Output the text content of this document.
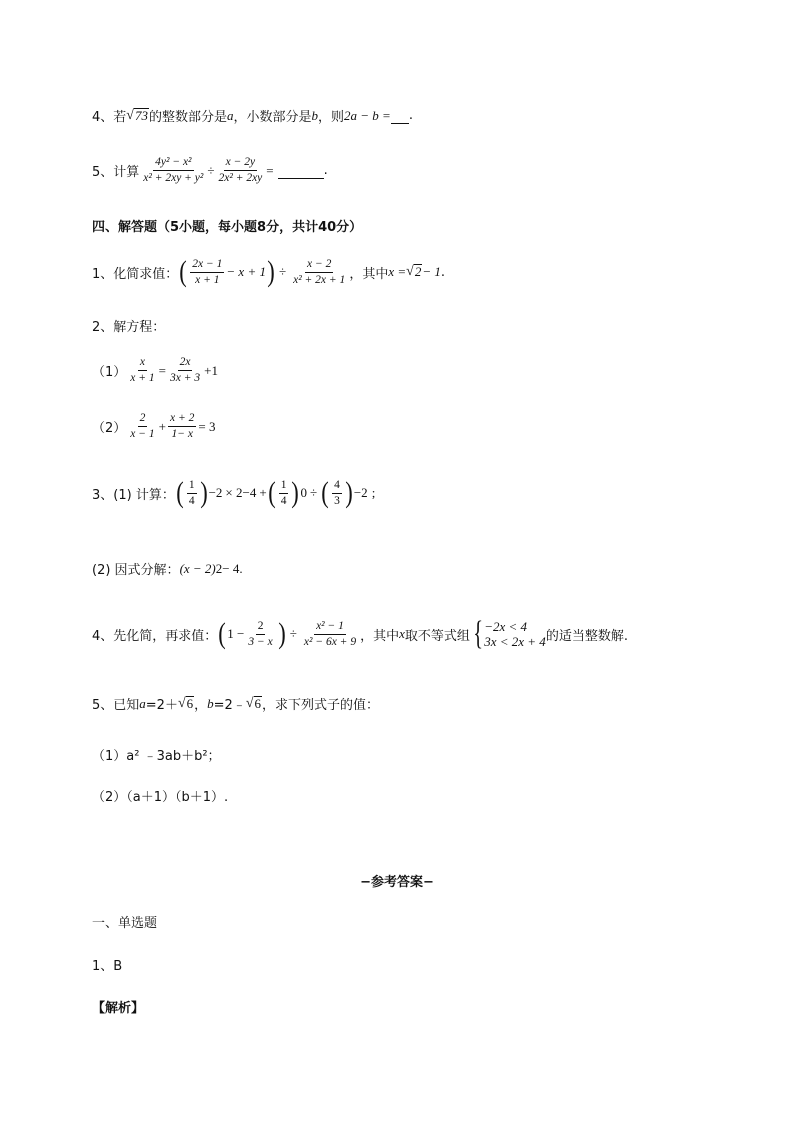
4、若 √ 73 的整数部分是 a ，小数部分是 b ，则 2a − b =
.
5、计算 $\frac{\text{4y² − x²}}{\text{x² + 2xy + y²}} \div \frac{x - 2y}{\text{2x² + 2xy}}$ =
	.
四、解答题（5小题，每小题8分，共计40分）
1、化简求值： ( $\frac{2x - 1}{x + 1} - x + 1$ ) ÷ $\frac{x - 2}{\text{x² + 2x + 1}}$ ，其中 x = √ 2 − 1 .
2、解方程：
$(1) \frac{x}{x + 1} = \frac{2x}{3x + 3} +1$
$(2) \frac{2}{x - 1} + \frac{x + 2}{1- x} = 3$
3、(1) 计算： ( $\frac{1}{4}$ ) −2 × 2 −4 + ( $\frac{1}{4}$ ) 0 ÷ ( $\frac{4}{3}$ ) −2 ;
(2) 因式分解： (x − 2) 2 − 4.
4、先化简，再求值： ( $1 - \frac{2}{3 - x}$ ) ÷ $\frac{\text{x² − 1}}{\text{x² − 6x + 9}}$ ，其中 x 取不等式组 { −2x < 4
3x < 2x + 4 的适当整数解.
5、已知 a =2＋ √ 6 ， b =2﹣ √ 6 ，求下列式子的值：
（1）a² ﹣3ab＋b²；
（2）（a＋1）（b＋1）.
−参考答案−
一、单选题
1、B
【解析】
